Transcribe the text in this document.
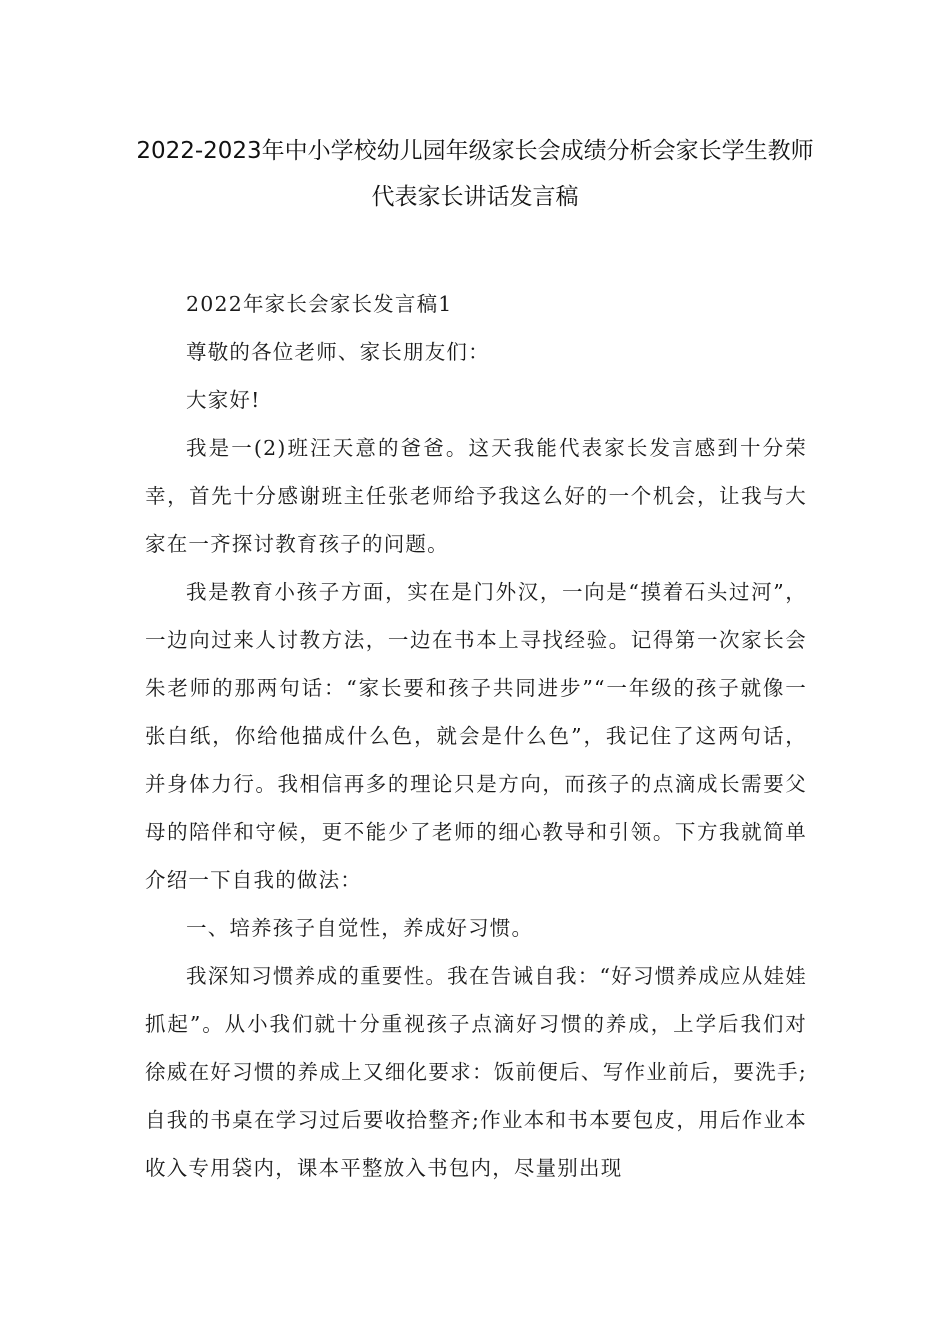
2022-2023年中小学校幼儿园年级家长会成绩分析会家长学生教师
代表家长讲话发言稿

2022年家长会家长发言稿1

尊敬的各位老师、家长朋友们：

大家好!

我是一(2)班汪天意的爸爸。这天我能代表家长发言感到十分荣幸，首先十分感谢班主任张老师给予我这么好的一个机会，让我与大家在一齐探讨教育孩子的问题。

我是教育小孩子方面，实在是门外汉，一向是“摸着石头过河”，一边向过来人讨教方法，一边在书本上寻找经验。记得第一次家长会朱老师的那两句话：“家长要和孩子共同进步”“一年级的孩子就像一张白纸，你给他描成什么色，就会是什么色”，我记住了这两句话，并身体力行。我相信再多的理论只是方向，而孩子的点滴成长需要父母的陪伴和守候，更不能少了老师的细心教导和引领。下方我就简单介绍一下自我的做法：

一、培养孩子自觉性，养成好习惯。

我深知习惯养成的重要性。我在告诫自我：“好习惯养成应从娃娃抓起”。从小我们就十分重视孩子点滴好习惯的养成，上学后我们对徐威在好习惯的养成上又细化要求：饭前便后、写作业前后，要洗手;自我的书桌在学习过后要收拾整齐;作业本和书本要包皮，用后作业本收入专用袋内，课本平整放入书包内，尽量别出现
